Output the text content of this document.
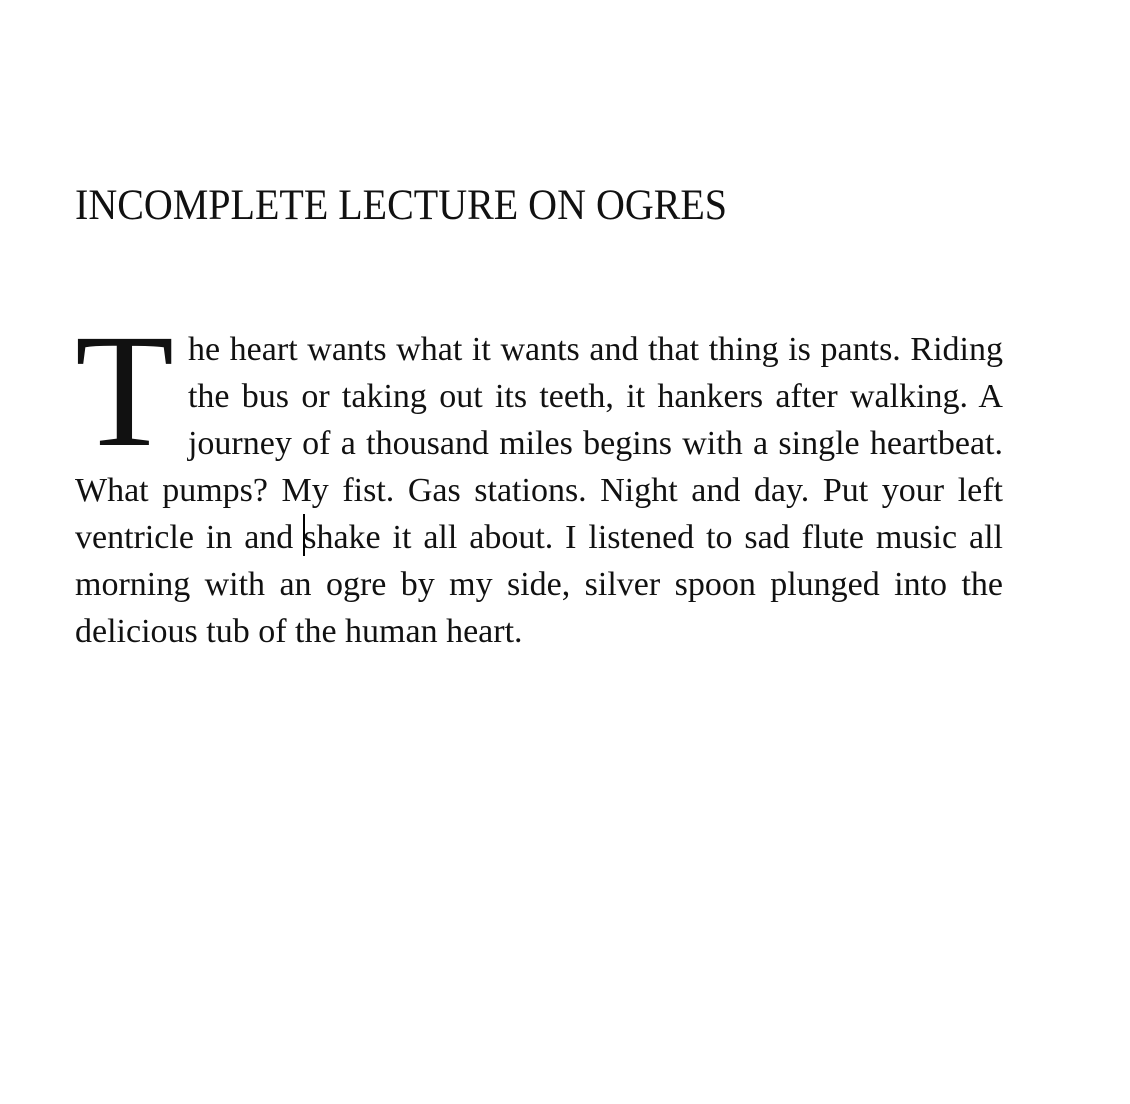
INCOMPLETE LECTURE ON OGRES

The heart wants what it wants and that thing is pants. Riding the bus or taking out its teeth, it hankers after walking. A journey of a thousand miles begins with a single heartbeat. What pumps? My fist. Gas stations. Night and day. Put your left ventricle in and shake it all about. I listened to sad flute music all morning with an ogre by my side, silver spoon plunged into the delicious tub of the human heart.
